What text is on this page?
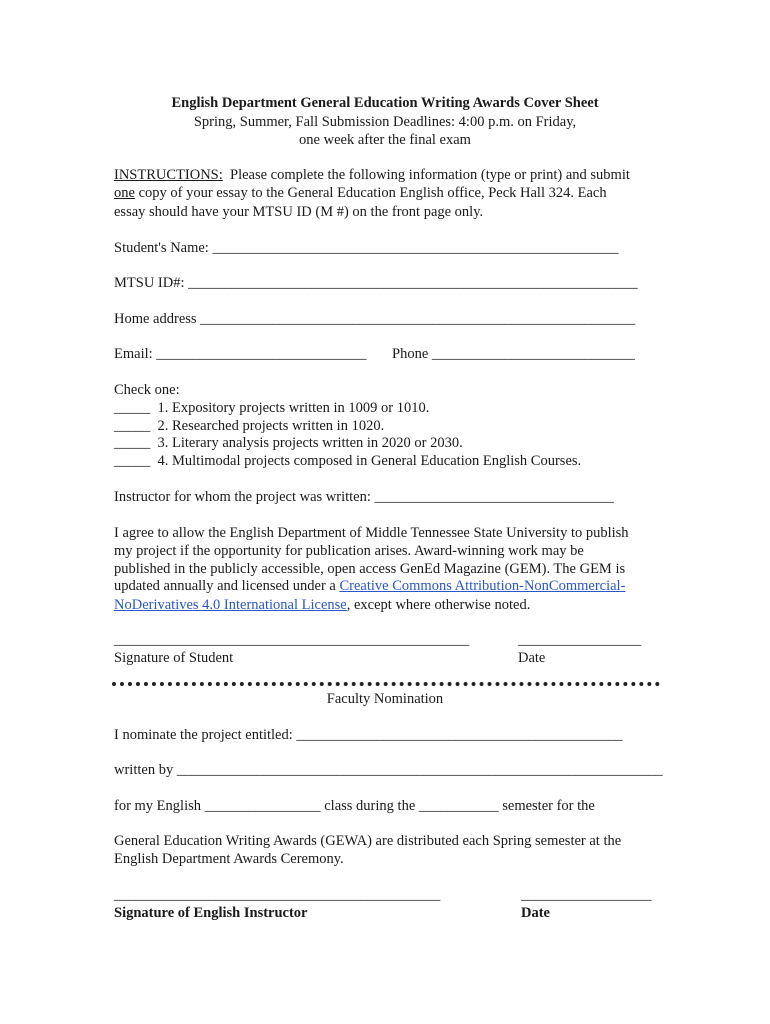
English Department General Education Writing Awards Cover Sheet
Spring, Summer, Fall Submission Deadlines: 4:00 p.m. on Friday,
one week after the final exam
INSTRUCTIONS:  Please complete the following information (type or print) and submit
one copy of your essay to the General Education English office, Peck Hall 324. Each
essay should have your MTSU ID (M #) on the front page only.
Student's Name: ________________________________________________________
MTSU ID#: ______________________________________________________________
Home address ____________________________________________________________
Email: _____________________________ Phone ____________________________
Check one:
_____  1. Expository projects written in 1009 or 1010.
_____  2. Researched projects written in 1020.
_____  3. Literary analysis projects written in 2020 or 2030.
_____  4. Multimodal projects composed in General Education English Courses.
Instructor for whom the project was written: _________________________________
I agree to allow the English Department of Middle Tennessee State University to publish
my project if the opportunity for publication arises. Award-winning work may be
published in the publicly accessible, open access GenEd Magazine (GEM). The GEM is
updated annually and licensed under a Creative Commons Attribution-NonCommercial-
NoDerivatives 4.0 International License, except where otherwise noted.
_________________________________________________	_________________
Signature of Student	Date
Faculty Nomination
I nominate the project entitled: _____________________________________________
written by ___________________________________________________________________
for my English ________________ class during the ___________ semester for the
General Education Writing Awards (GEWA) are distributed each Spring semester at the
English Department Awards Ceremony.
_____________________________________________	__________________
Signature of English Instructor	Date
